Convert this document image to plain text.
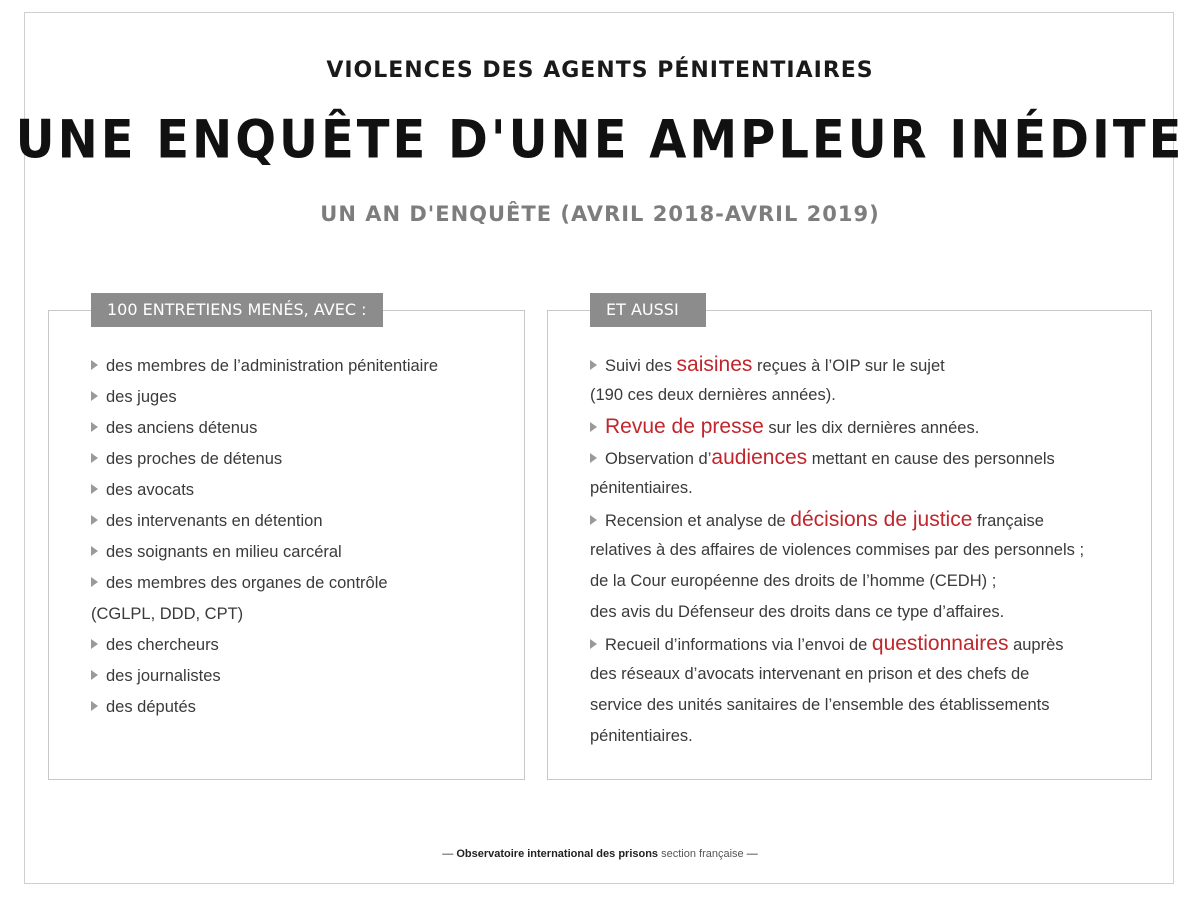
VIOLENCES DES AGENTS PÉNITENTIAIRES
UNE ENQUÊTE D'UNE AMPLEUR INÉDITE
UN AN D'ENQUÊTE (AVRIL 2018-AVRIL 2019)
100 ENTRETIENS MENÉS, AVEC :
des membres de l’administration pénitentiaire
des juges
des anciens détenus
des proches de détenus
des avocats
des intervenants en détention
des soignants en milieu carcéral
des membres des organes de contrôle
(CGLPL, DDD, CPT)
des chercheurs
des journalistes
des députés
ET AUSSI
Suivi des saisines reçues à l’OIP sur le sujet
(190 ces deux dernières années).
Revue de presse sur les dix dernières années.
Observation d’audiences mettant en cause des personnels
pénitentiaires.
Recension et analyse de décisions de justice française
relatives à des affaires de violences commises par des personnels ;
de la Cour européenne des droits de l’homme (CEDH) ;
des avis du Défenseur des droits dans ce type d’affaires.
Recueil d’informations via l’envoi de questionnaires auprès
des réseaux d’avocats intervenant en prison et des chefs de
service des unités sanitaires de l’ensemble des établissements
pénitentiaires.
— Observatoire international des prisons section française —
